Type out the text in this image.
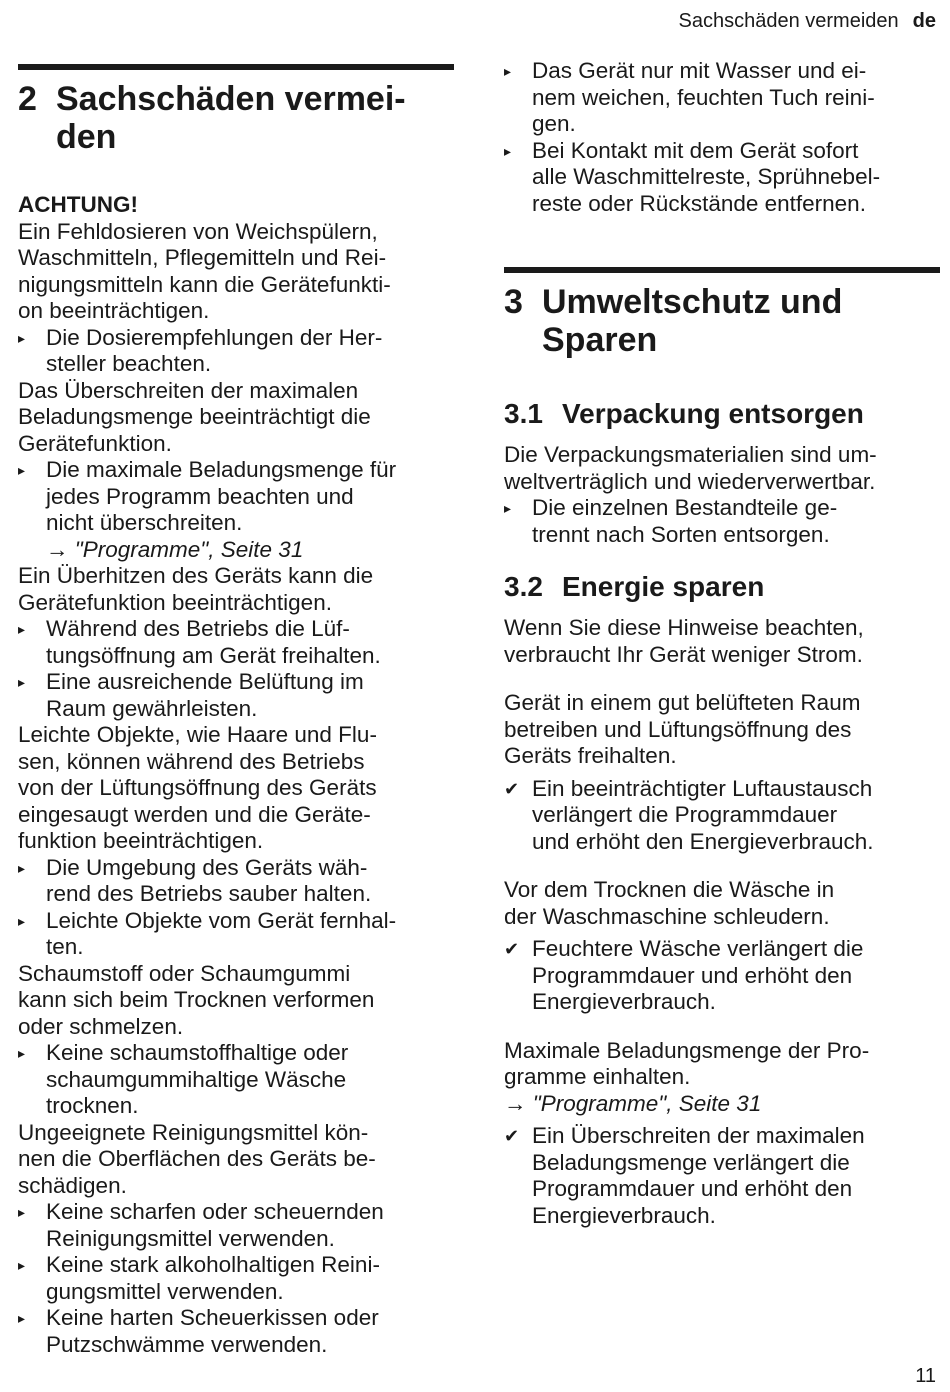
Sachschäden vermeiden de
2 Sachschäden vermei-
den

ACHTUNG!

Ein Fehldosieren von Weichspülern,
Waschmitteln, Pflegemitteln und Rei-
nigungsmitteln kann die Gerätefunkti-
on beeinträchtigen.

▸ Die Dosierempfehlungen der Her-
steller beachten.

Das Überschreiten der maximalen
Beladungsmenge beeinträchtigt die
Gerätefunktion.

▸ Die maximale Beladungsmenge für
jedes Programm beachten und
nicht überschreiten.

→ "Programme", Seite 31

Ein Überhitzen des Geräts kann die
Gerätefunktion beeinträchtigen.

▸ Während des Betriebs die Lüf-
tungsöffnung am Gerät freihalten.
▸ Eine ausreichende Belüftung im
Raum gewährleisten.

Leichte Objekte, wie Haare und Flu-
sen, können während des Betriebs
von der Lüftungsöffnung des Geräts
eingesaugt werden und die Geräte-
funktion beeinträchtigen.

▸ Die Umgebung des Geräts wäh-
rend des Betriebs sauber halten.
▸ Leichte Objekte vom Gerät fernhal-
ten.

Schaumstoff oder Schaumgummi
kann sich beim Trocknen verformen
oder schmelzen.

▸ Keine schaumstoffhaltige oder
schaumgummihaltige Wäsche
trocknen.

Ungeeignete Reinigungsmittel kön-
nen die Oberflächen des Geräts be-
schädigen.

▸ Keine scharfen oder scheuernden
Reinigungsmittel verwenden.
▸ Keine stark alkoholhaltigen Reini-
gungsmittel verwenden.
▸ Keine harten Scheuerkissen oder
Putzschwämme verwenden.
▸ Das Gerät nur mit Wasser und ei-
nem weichen, feuchten Tuch reini-
gen.
▸ Bei Kontakt mit dem Gerät sofort
alle Waschmittelreste, Sprühnebel-
reste oder Rückstände entfernen.
3 Umweltschutz und
Sparen
3.1 Verpackung entsorgen

Die Verpackungsmaterialien sind um-
weltverträglich und wiederverwertbar.

▸ Die einzelnen Bestandteile ge-
trennt nach Sorten entsorgen.
3.2 Energie sparen

Wenn Sie diese Hinweise beachten,
verbraucht Ihr Gerät weniger Strom.

Gerät in einem gut belüfteten Raum
betreiben und Lüftungsöffnung des
Geräts freihalten.

✔ Ein beeinträchtigter Luftaustausch
verlängert die Programmdauer
und erhöht den Energieverbrauch.

Vor dem Trocknen die Wäsche in
der Waschmaschine schleudern.

✔ Feuchtere Wäsche verlängert die
Programmdauer und erhöht den
Energieverbrauch.

Maximale Beladungsmenge der Pro-
gramme einhalten.

→ "Programme", Seite 31

✔ Ein Überschreiten der maximalen
Beladungsmenge verlängert die
Programmdauer und erhöht den
Energieverbrauch.
11
